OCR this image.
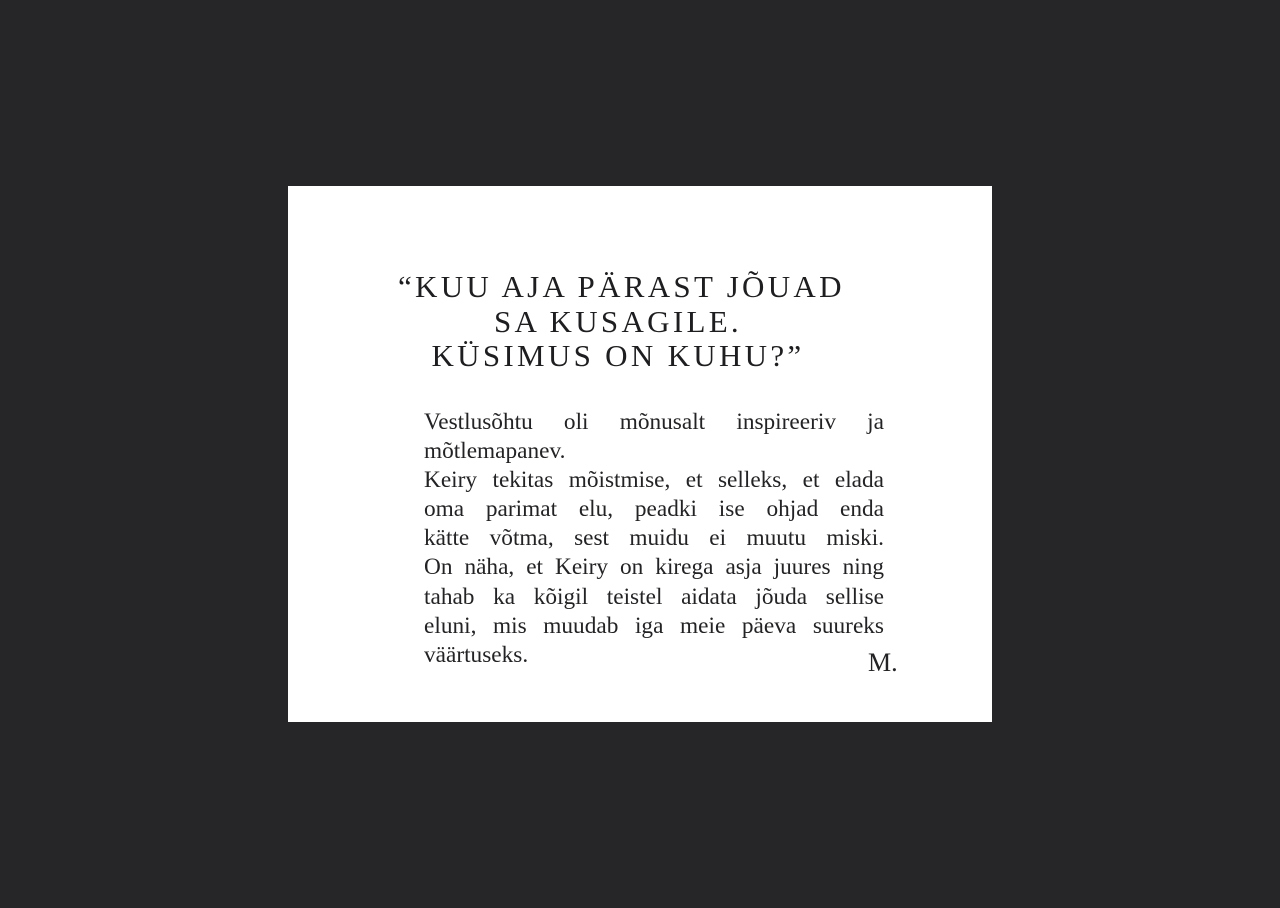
“KUU AJA PÄRAST JÕUAD
SA KUSAGILE.
KÜSIMUS ON KUHU?”
Vestlusõhtu oli mõnusalt inspireeriv ja
mõtlemapanev.
Keiry tekitas mõistmise, et selleks, et elada
oma parimat elu, peadki ise ohjad enda
kätte võtma, sest muidu ei muutu miski.
On näha, et Keiry on kirega asja juures ning
tahab ka kõigil teistel aidata jõuda sellise
eluni, mis muudab iga meie päeva suureks
väärtuseks.	M.
